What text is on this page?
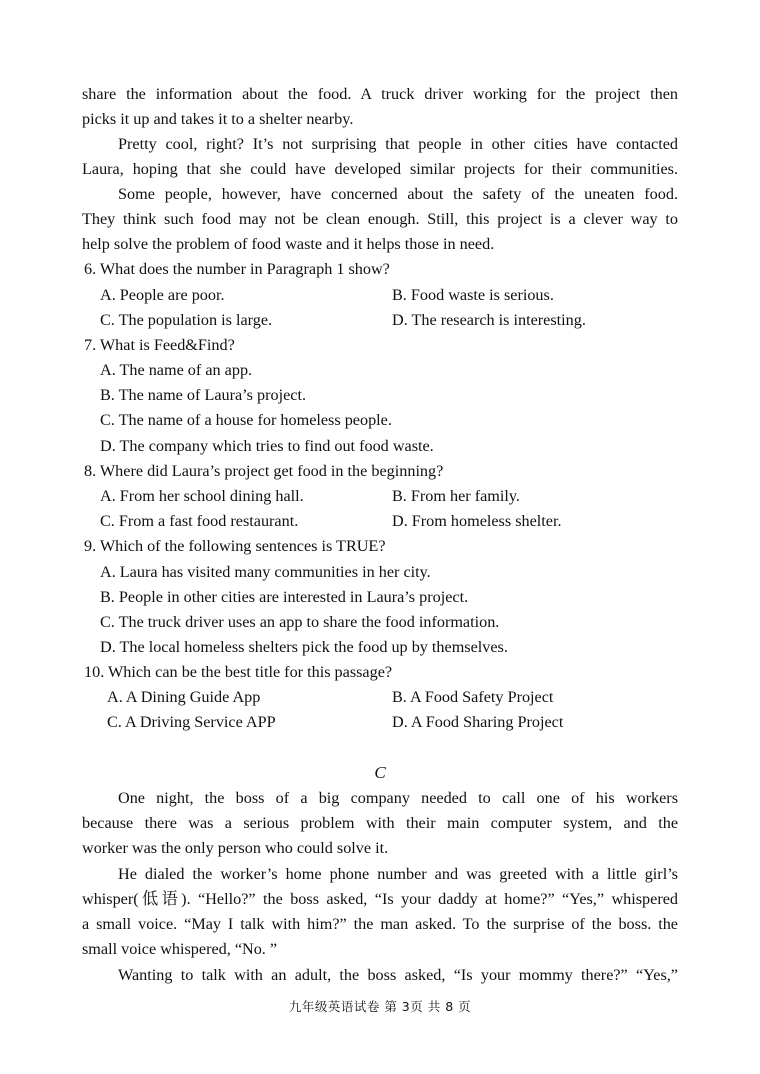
share the information about the food. A truck driver working for the project then
picks it up and takes it to a shelter nearby.
Pretty cool, right? It’s not surprising that people in other cities have contacted
Laura, hoping that she could have developed similar projects for their communities.
Some people, however, have concerned about the safety of the uneaten food.
They think such food may not be clean enough. Still, this project is a clever way to
help solve the problem of food waste and it helps those in need.
6. What does the number in Paragraph 1 show?
A. People are poor.	B. Food waste is serious.
C. The population is large.	D. The research is interesting.
7. What is Feed&Find?
A. The name of an app.
B. The name of Laura’s project.
C. The name of a house for homeless people.
D. The company which tries to find out food waste.
8. Where did Laura’s project get food in the beginning?
A. From her school dining hall.	B. From her family.
C. From a fast food restaurant.	D. From homeless shelter.
9. Which of the following sentences is TRUE?
A. Laura has visited many communities in her city.
B. People in other cities are interested in Laura’s project.
C. The truck driver uses an app to share the food information.
D. The local homeless shelters pick the food up by themselves.
10. Which can be the best title for this passage?
A. A Dining Guide App	B. A Food Safety Project
C. A Driving Service APP	D. A Food Sharing Project
C
One night, the boss of a big company needed to call one of his workers
because there was a serious problem with their main computer system, and the
worker was the only person who could solve it.
He dialed the worker’s home phone number and was greeted with a little girl’s
whisper(低语). “Hello?” the boss asked, “Is your daddy at home?” “Yes,” whispered
a small voice. “May I talk with him?” the man asked. To the surprise of the boss. the
small voice whispered, “No. ”
Wanting to talk with an adult, the boss asked, “Is your mommy there?” “Yes,”
九年级英语试卷 第 3页 共 8 页
